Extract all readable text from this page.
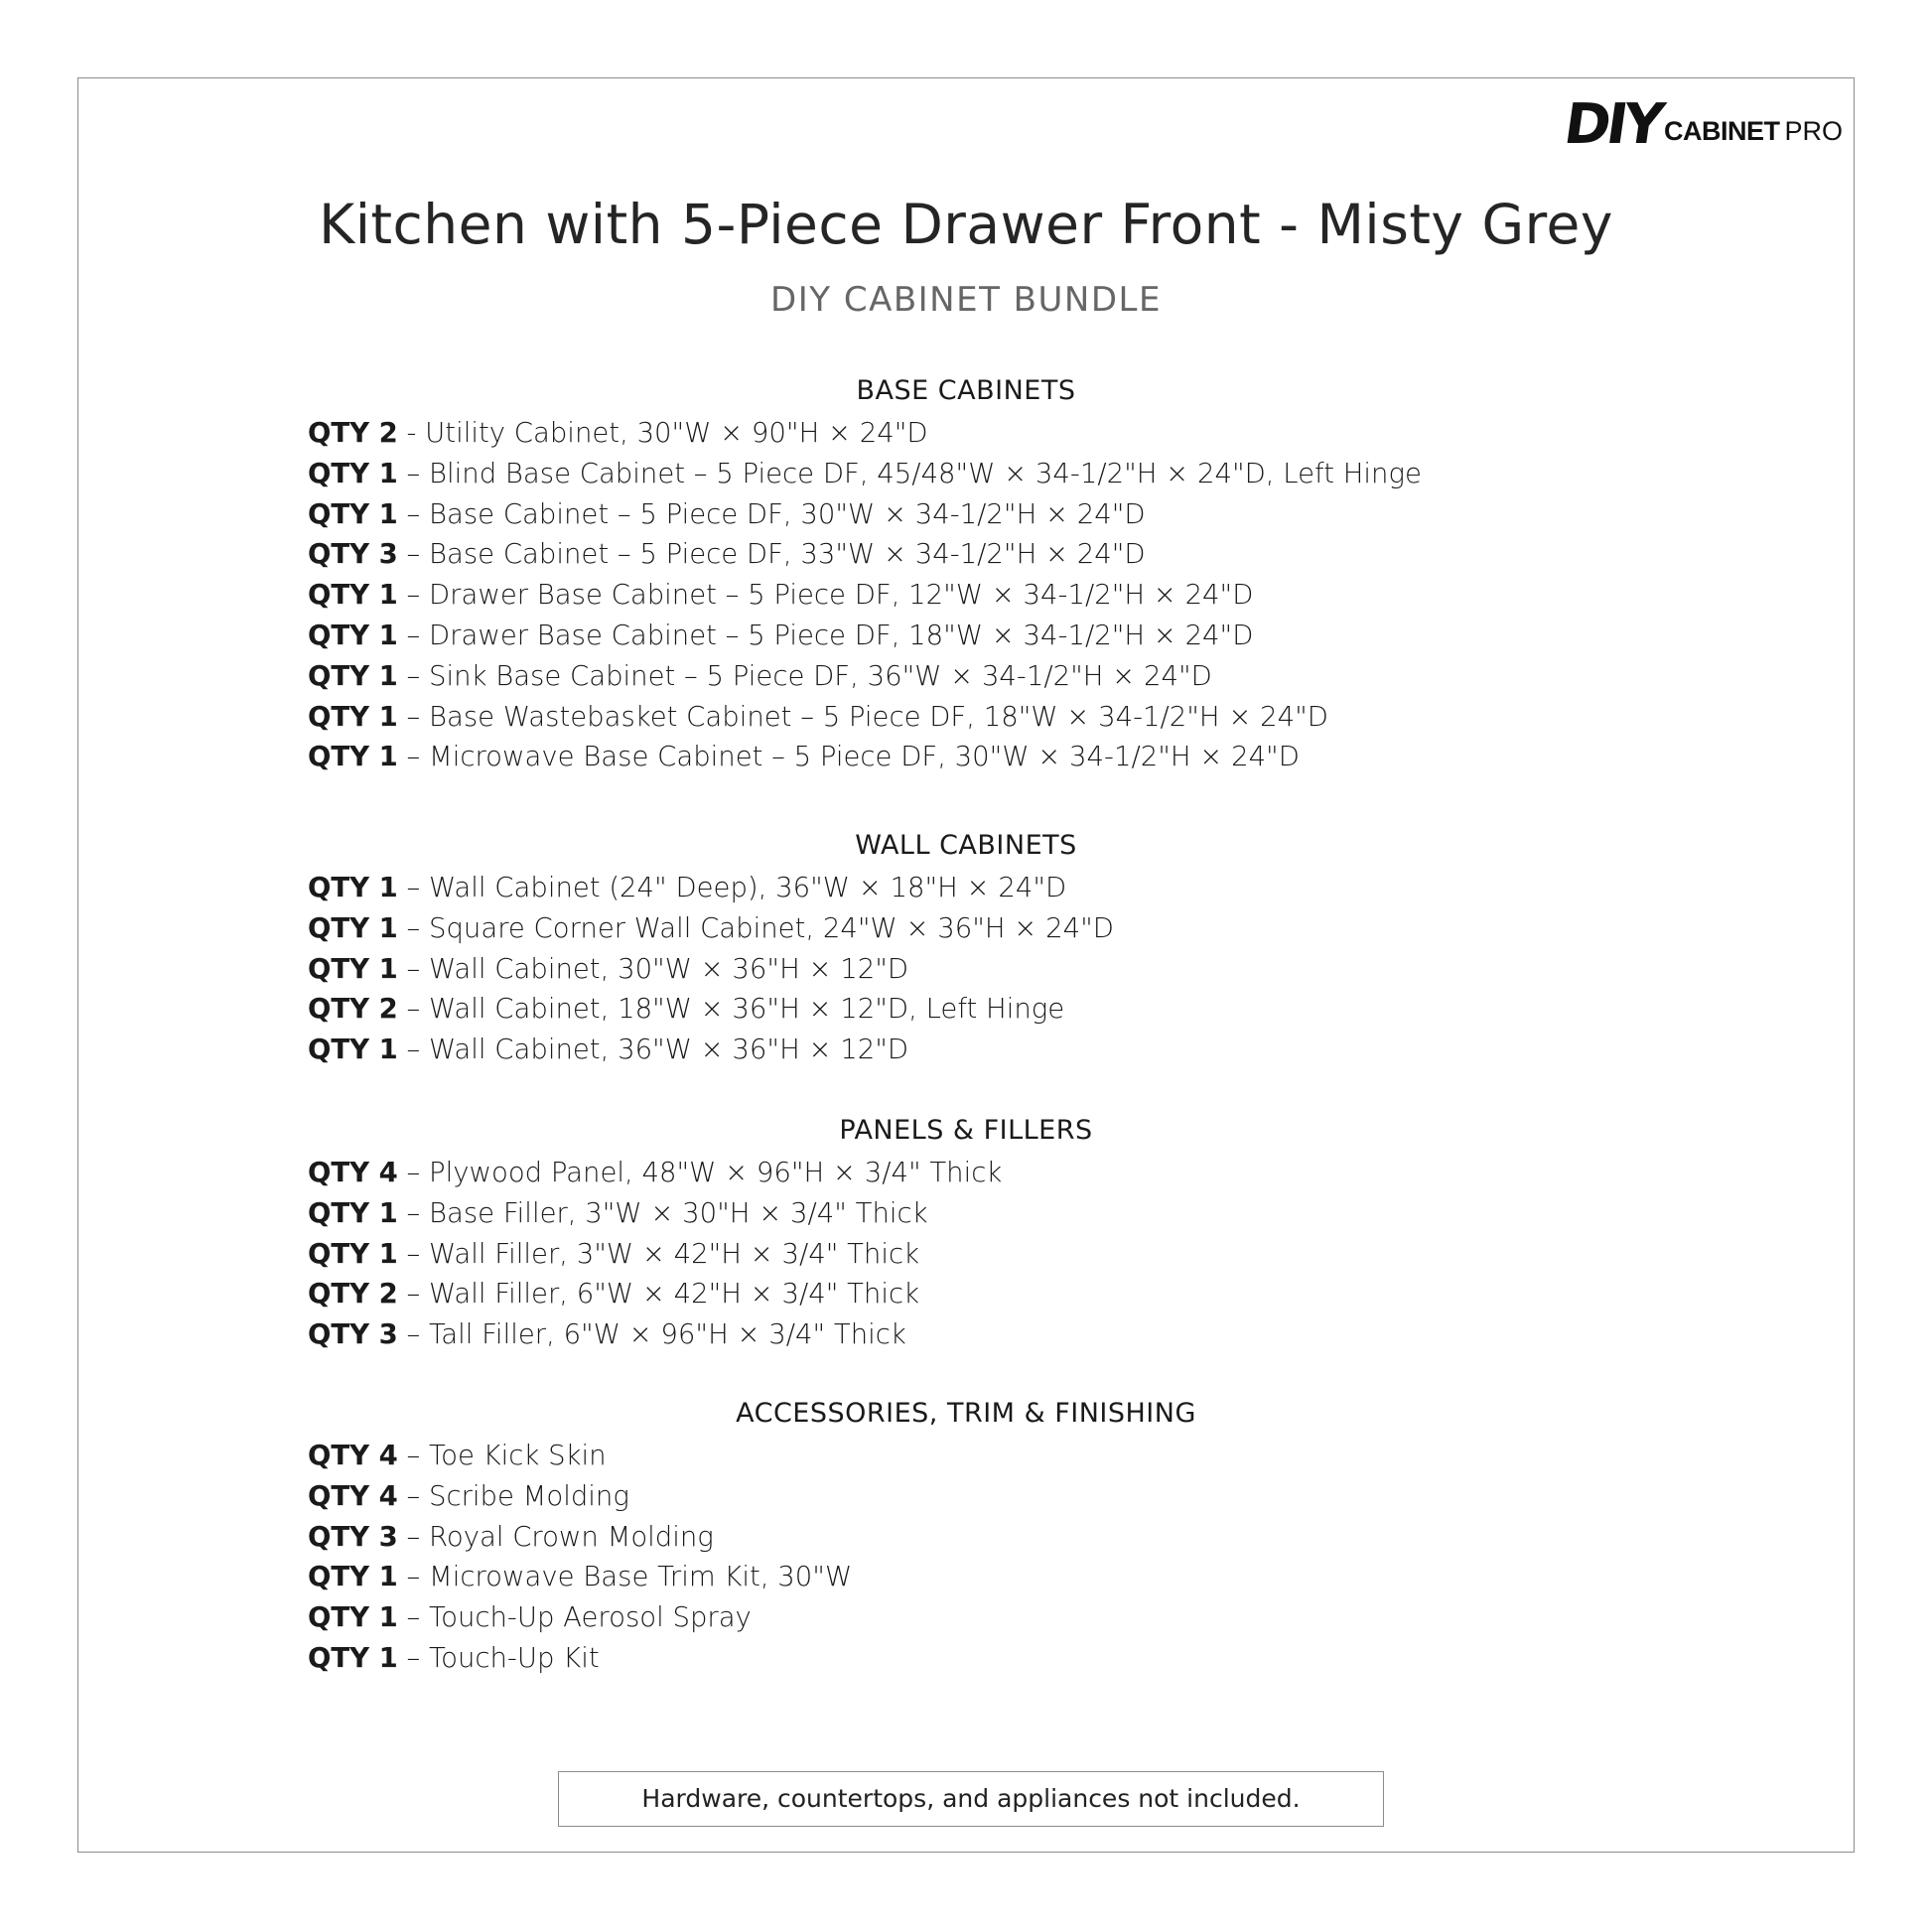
DIY CABINET PRO
Kitchen with 5-Piece Drawer Front - Misty Grey
DIY CABINET BUNDLE
BASE CABINETS
QTY 2 - Utility Cabinet, 30"W × 90"H × 24"D
QTY 1 – Blind Base Cabinet – 5 Piece DF, 45/48"W × 34-1/2"H × 24"D, Left Hinge
QTY 1 – Base Cabinet – 5 Piece DF, 30"W × 34-1/2"H × 24"D
QTY 3 – Base Cabinet – 5 Piece DF, 33"W × 34-1/2"H × 24"D
QTY 1 – Drawer Base Cabinet – 5 Piece DF, 12"W × 34-1/2"H × 24"D
QTY 1 – Drawer Base Cabinet – 5 Piece DF, 18"W × 34-1/2"H × 24"D
QTY 1 – Sink Base Cabinet – 5 Piece DF, 36"W × 34-1/2"H × 24"D
QTY 1 – Base Wastebasket Cabinet – 5 Piece DF, 18"W × 34-1/2"H × 24"D
QTY 1 – Microwave Base Cabinet – 5 Piece DF, 30"W × 34-1/2"H × 24"D
WALL CABINETS
QTY 1 – Wall Cabinet (24" Deep), 36"W × 18"H × 24"D
QTY 1 – Square Corner Wall Cabinet, 24"W × 36"H × 24"D
QTY 1 – Wall Cabinet, 30"W × 36"H × 12"D
QTY 2 – Wall Cabinet, 18"W × 36"H × 12"D, Left Hinge
QTY 1 – Wall Cabinet, 36"W × 36"H × 12"D
PANELS & FILLERS
QTY 4 – Plywood Panel, 48"W × 96"H × 3/4" Thick
QTY 1 – Base Filler, 3"W × 30"H × 3/4" Thick
QTY 1 – Wall Filler, 3"W × 42"H × 3/4" Thick
QTY 2 – Wall Filler, 6"W × 42"H × 3/4" Thick
QTY 3 – Tall Filler, 6"W × 96"H × 3/4" Thick
ACCESSORIES, TRIM & FINISHING
QTY 4 – Toe Kick Skin
QTY 4 – Scribe Molding
QTY 3 – Royal Crown Molding
QTY 1 – Microwave Base Trim Kit, 30"W
QTY 1 – Touch-Up Aerosol Spray
QTY 1 – Touch-Up Kit
Hardware, countertops, and appliances not included.
